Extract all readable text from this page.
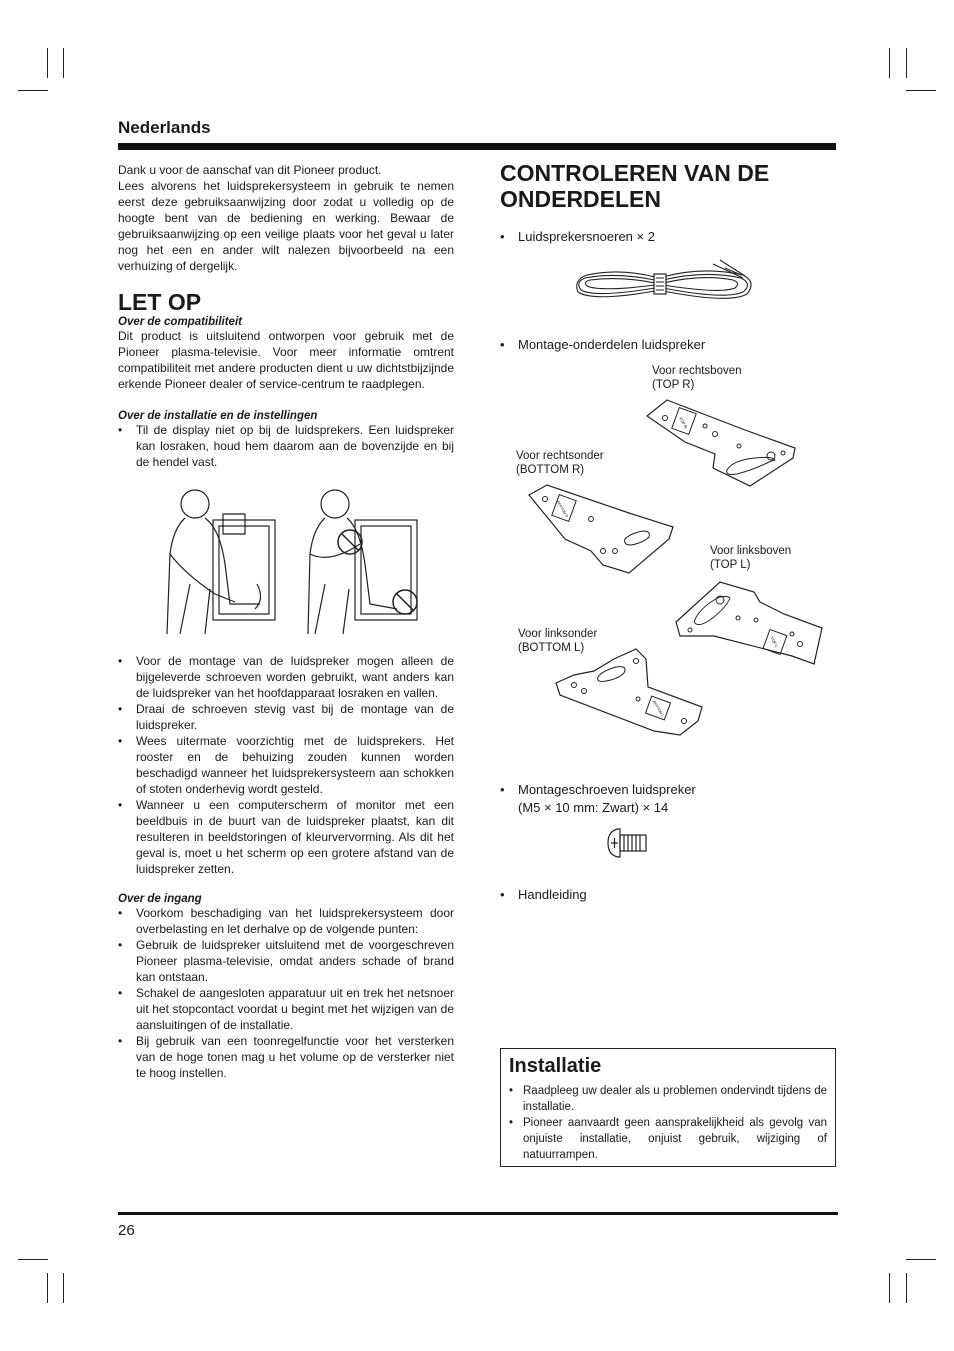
Nederlands
Dank u voor de aanschaf van dit Pioneer product.
Lees alvorens het luidsprekersysteem in gebruik te nemen eerst deze gebruiksaanwijzing door zodat u volledig op de hoogte bent van de bediening en werking. Bewaar de gebruiksaanwijzing op een veilige plaats voor het geval u later nog het een en ander wilt nalezen bijvoorbeeld na een verhuizing of dergelijk.
LET OP
Over de compatibiliteit
Dit product is uitsluitend ontworpen voor gebruik met de Pioneer plasma-televisie. Voor meer informatie omtrent compatibiliteit met andere producten dient u uw dichtstbijzijnde erkende Pioneer dealer of service-centrum te raadplegen.
Over de installatie en de instellingen
• Til de display niet op bij de luidsprekers. Een luidspreker kan losraken, houd hem daarom aan de bovenzijde en bij de hendel vast.
• Voor de montage van de luidspreker mogen alleen de bijgeleverde schroeven worden gebruikt, want anders kan de luidspreker van het hoofdapparaat losraken en vallen.
• Draai de schroeven stevig vast bij de montage van de luidspreker.
• Wees uitermate voorzichtig met de luidsprekers. Het rooster en de behuizing zouden kunnen worden beschadigd wanneer het luidsprekersysteem aan schokken of stoten onderhevig wordt gesteld.
• Wanneer u een computerscherm of monitor met een beeldbuis in de buurt van de luidspreker plaatst, kan dit resulteren in beeldstoringen of kleurvervorming. Als dit het geval is, moet u het scherm op een grotere afstand van de luidspreker zetten.
Over de ingang
• Voorkom beschadiging van het luidsprekersysteem door overbelasting en let derhalve op de volgende punten:
• Gebruik de luidspreker uitsluitend met de voorgeschreven Pioneer plasma-televisie, omdat anders schade of brand kan ontstaan.
• Schakel de aangesloten apparatuur uit en trek het netsnoer uit het stopcontact voordat u begint met het wijzigen van de aansluitingen of de installatie.
• Bij gebruik van een toonregelfunctie voor het versterken van de hoge tonen mag u het volume op de versterker niet te hoog instellen.
CONTROLEREN VAN DE ONDERDELEN
• Luidsprekersnoeren × 2
• Montage-onderdelen luidspreker
Voor rechtsboven
(TOP R)
Voor rechtsonder
(BOTTOM R)
Voor linksboven
(TOP L)
Voor linksonder
(BOTTOM L)
TOP R
BOTTOM R
TOP L
BOTTOM L
• Montageschroeven luidspreker
(M5 × 10 mm: Zwart) × 14
• Handleiding
Installatie
• Raadpleeg uw dealer als u problemen ondervindt tijdens de installatie.
• Pioneer aanvaardt geen aansprakelijkheid als gevolg van onjuiste installatie, onjuist gebruik, wijziging of natuurrampen.
26
